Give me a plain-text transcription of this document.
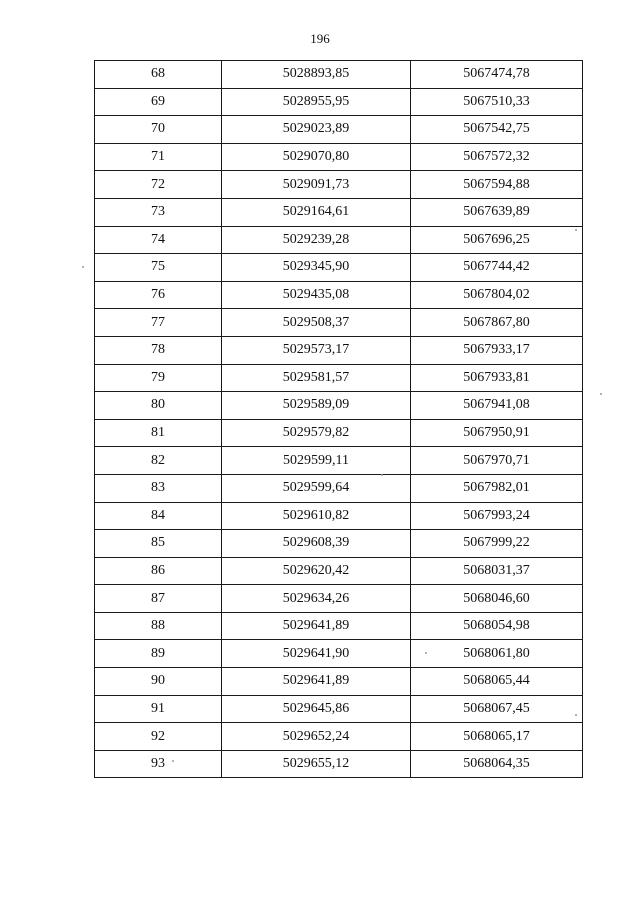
196
68	5028893,85	5067474,78
69	5028955,95	5067510,33
70	5029023,89	5067542,75
71	5029070,80	5067572,32
72	5029091,73	5067594,88
73	5029164,61	5067639,89
74	5029239,28	5067696,25
75	5029345,90	5067744,42
76	5029435,08	5067804,02
77	5029508,37	5067867,80
78	5029573,17	5067933,17
79	5029581,57	5067933,81
80	5029589,09	5067941,08
81	5029579,82	5067950,91
82	5029599,11	5067970,71
83	5029599,64	5067982,01
84	5029610,82	5067993,24
85	5029608,39	5067999,22
86	5029620,42	5068031,37
87	5029634,26	5068046,60
88	5029641,89	5068054,98
89	5029641,90	5068061,80
90	5029641,89	5068065,44
91	5029645,86	5068067,45
92	5029652,24	5068065,17
93	5029655,12	5068064,35
